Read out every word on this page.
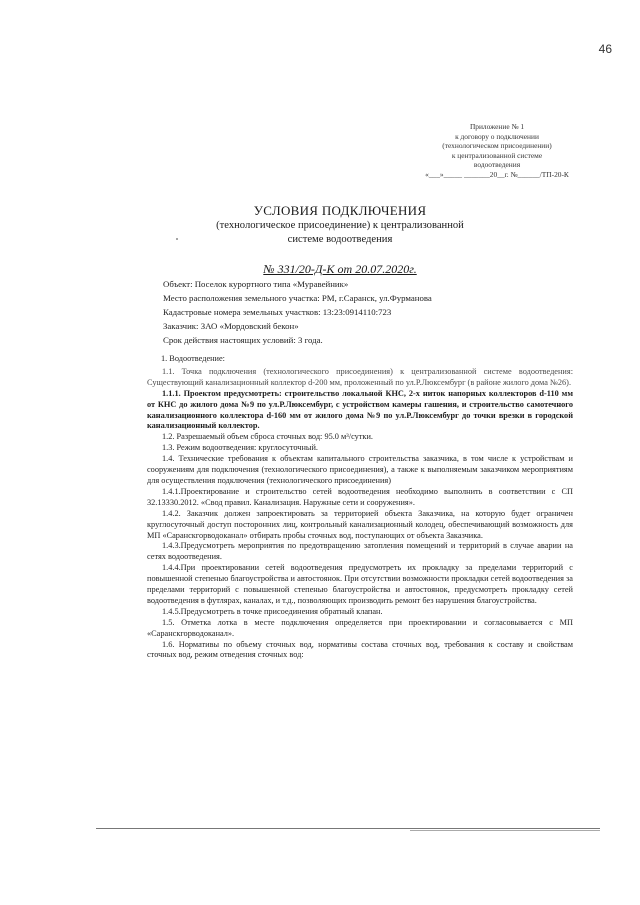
46
Приложение № 1
к договору о подключении
(технологическом присоединении)
к централизованной системе
водоотведения
«___»_____ _______20__г. №______/ТП-20-К
УСЛОВИЯ ПОДКЛЮЧЕНИЯ
(технологическое присоединение) к централизованной
системе водоотведения
№ 331/20-Д-К от 20.07.2020г.
Объект: Поселок курортного типа «Муравейник»
Место расположения земельного участка: РМ, г.Саранск, ул.Фурманова
Кадастровые номера земельных участков: 13:23:0914110:723
Заказчик: ЗАО «Мордовский бекон»
Срок действия настоящих условий: 3 года.

1. Водоотведение:

1.1. Точка подключения (технологического присоединения) к централизованной системе водоотведения: Существующий канализационный коллектор d-200 мм, проложенный по ул.Р.Люксембург (в районе жилого дома №26).

1.1.1. Проектом предусмотреть: строительство локальной КНС, 2-х ниток напорных коллекторов d-110 мм от КНС до жилого дома №9 по ул.Р.Люксембург, с устройством камеры гашения, и строительство самотечного канализационного коллектора d-160 мм от жилого дома №9 по ул.Р.Люксембург до точки врезки в городской канализационный коллектор.

1.2. Разрешаемый объем сброса сточных вод: 95.0 м³/сутки.

1.3. Режим водоотведения: круглосуточный.

1.4. Технические требования к объектам капитального строительства заказчика, в том числе к устройствам и сооружениям для подключения (технологического присоединения), а также к выполняемым заказчиком мероприятиям для осуществления подключения (технологического присоединения)

1.4.1.Проектирование и строительство сетей водоотведения необходимо выполнить в соответствии с СП 32.13330.2012. «Свод правил. Канализация. Наружные сети и сооружения».

1.4.2. Заказчик должен запроектировать за территорией объекта Заказчика, на которую будет ограничен круглосуточный доступ посторонних лиц, контрольный канализационный колодец, обеспечивающий возможность для МП «Саранскгорводоканал» отбирать пробы сточных вод, поступающих от объекта Заказчика.

1.4.3.Предусмотреть мероприятия по предотвращению затопления помещений и территорий в случае аварии на сетях водоотведения.

1.4.4.При проектировании сетей водоотведения предусмотреть их прокладку за пределами территорий с повышенной степенью благоустройства и автостоянок. При отсутствии возможности прокладки сетей водоотведения за пределами территорий с повышенной степенью благоустройства и автостоянок, предусмотреть прокладку сетей водоотведения в футлярах, каналах, и т.д., позволяющих производить ремонт без нарушения благоустройства.

1.4.5.Предусмотреть в точке присоединения обратный клапан.

1.5. Отметка лотка в месте подключения определяется при проектировании и согласовывается с МП «Саранскгорводоканал».

1.6. Нормативы по объему сточных вод, нормативы состава сточных вод, требования к составу и свойствам сточных вод, режим отведения сточных вод:
